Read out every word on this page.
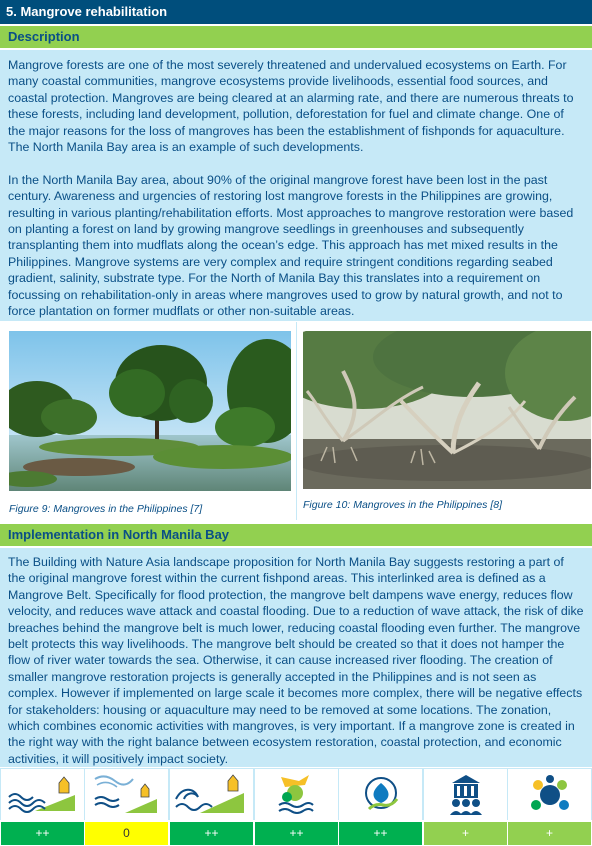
5. Mangrove rehabilitation
Description

Mangrove forests are one of the most severely threatened and undervalued ecosystems on Earth. For many coastal communities, mangrove ecosystems provide livelihoods, essential food sources, and coastal protection. Mangroves are being cleared at an alarming rate, and there are numerous threats to these forests, including land development, pollution, deforestation for fuel and climate change. One of the major reasons for the loss of mangroves has been the establishment of fishponds for aquaculture. The North Manila Bay area is an example of such developments.

In the North Manila Bay area, about 90% of the original mangrove forest have been lost in the past century. Awareness and urgencies of restoring lost mangrove forests in the Philippines are growing, resulting in various planting/rehabilitation efforts. Most approaches to mangrove restoration were based on planting a forest on land by growing mangrove seedlings in greenhouses and subsequently transplanting them into mudflats along the ocean’s edge. This approach has met mixed results in the Philippines. Mangrove systems are very complex and require stringent conditions regarding seabed gradient, salinity, substrate type. For the North of Manila Bay this translates into a requirement on focussing on rehabilitation-only in areas where mangroves used to grow by natural growth, and not to force plantation on former mudflats or other non-suitable areas.

Figure 9: Mangroves in the Philippines [7]	Figure 10: Mangroves in the Philippines [8]
Implementation in North Manila Bay

The Building with Nature Asia landscape proposition for North Manila Bay suggests restoring a part of the original mangrove forest within the current fishpond areas. This interlinked area is defined as a Mangrove Belt. Specifically for flood protection, the mangrove belt dampens wave energy, reduces flow velocity, and reduces wave attack and coastal flooding. Due to a reduction of wave attack, the risk of dike breaches behind the mangrove belt is much lower, reducing coastal flooding even further. The mangrove belt protects this way livelihoods. The mangrove belt should be created so that it does not hamper the flow of river water towards the sea. Otherwise, it can cause increased river flooding. The creation of smaller mangrove restoration projects is generally accepted in the Philippines and is not seen as complex. However if implemented on large scale it becomes more complex, there will be negative effects for stakeholders: housing or aquaculture may need to be removed at some locations. The zonation, which combines economic activities with mangroves, is very important. If a mangrove zone is created in the right way with the right balance between ecosystem restoration, coastal protection, and economic activities, it will positively impact society.

++	0	++	++	++	+	+
